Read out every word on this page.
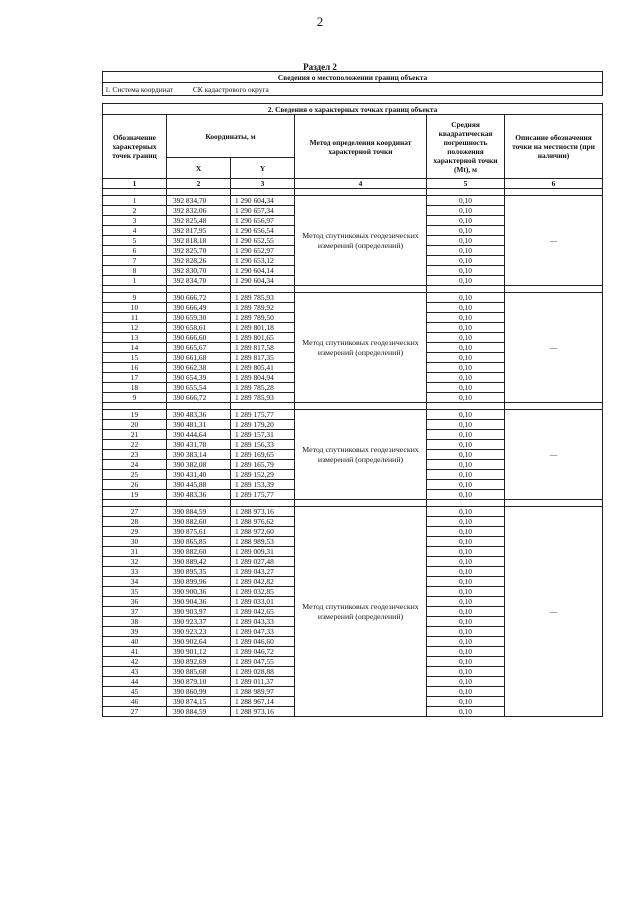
2
Раздел 2
Сведения о местоположении границ объекта					
1. Система координат СК кадастрового округа					

2. Сведения о характерных точках границ объекта					
Обозначение характерных точек границ	Координаты, м		Метод определения координат характерной точки	Средняя квадратическая погрешность положения характерной точки (Mt), м	Описание обозначения точки на местности (при наличии)
	X	Y			
1	2	3	4	5	6

1	392 834,70	1 290 604,34	Метод спутниковых геодезических измерений (определений)	0,10	—
2	392 832,06	1 290 657,34		0,10	
3	392 825,48	1 290 656,97		0,10	
4	392 817,95	1 290 656,54		0,10	
5	392 818,18	1 290 652,55		0,10	
6	392 825,70	1 290 652,97		0,10	
7	392 828,26	1 290 653,12		0,10	
8	392 830,70	1 290 604,14		0,10	
1	392 834,70	1 290 604,34		0,10	

9	390 666,72	1 289 785,93	Метод спутниковых геодезических измерений (определений)	0,10	—
10	390 666,49	1 289 789,92		0,10	
11	390 659,30	1 289 789,50		0,10	
12	390 658,61	1 289 801,18		0,10	
13	390 666,60	1 289 801,65		0,10	
14	390 665,67	1 289 817,58		0,10	
15	390 661,68	1 289 817,35		0,10	
16	390 662,38	1 289 805,41		0,10	
17	390 654,39	1 289 804,94		0,10	
18	390 655,54	1 289 785,28		0,10	
9	390 666,72	1 289 785,93		0,10	

19	390 483,36	1 289 175,77	Метод спутниковых геодезических измерений (определений)	0,10	—
20	390 481,31	1 289 179,20		0,10	
21	390 444,64	1 289 157,31		0,10	
22	390 431,78	1 289 156,33		0,10	
23	390 383,14	1 289 169,65		0,10	
24	390 382,08	1 289 165,79		0,10	
25	390 431,40	1 289 152,29		0,10	
26	390 445,88	1 289 153,39		0,10	
19	390 483,36	1 289 175,77		0,10	

27	390 884,59	1 288 973,16	Метод спутниковых геодезических измерений (определений)	0,10	—
28	390 882,60	1 288 976,62		0,10	
29	390 875,61	1 288 972,60		0,10	
30	390 865,85	1 288 989,53		0,10	
31	390 882,60	1 289 009,31		0,10	
32	390 889,42	1 289 027,48		0,10	
33	390 895,35	1 289 043,27		0,10	
34	390 899,96	1 289 042,82		0,10	
35	390 900,36	1 289 032,85		0,10	
36	390 904,36	1 289 033,01		0,10	
37	390 903,97	1 289 042,65		0,10	
38	390 923,37	1 289 043,33		0,10	
39	390 923,23	1 289 047,33		0,10	
40	390 902,64	1 289 046,60		0,10	
41	390 901,12	1 289 046,72		0,10	
42	390 892,69	1 289 047,55		0,10	
43	390 885,68	1 289 028,88		0,10	
44	390 879,10	1 289 011,37		0,10	
45	390 860,99	1 288 989,97		0,10	
46	390 874,15	1 288 967,14		0,10	
27	390 884,59	1 288 973,16		0,10	
